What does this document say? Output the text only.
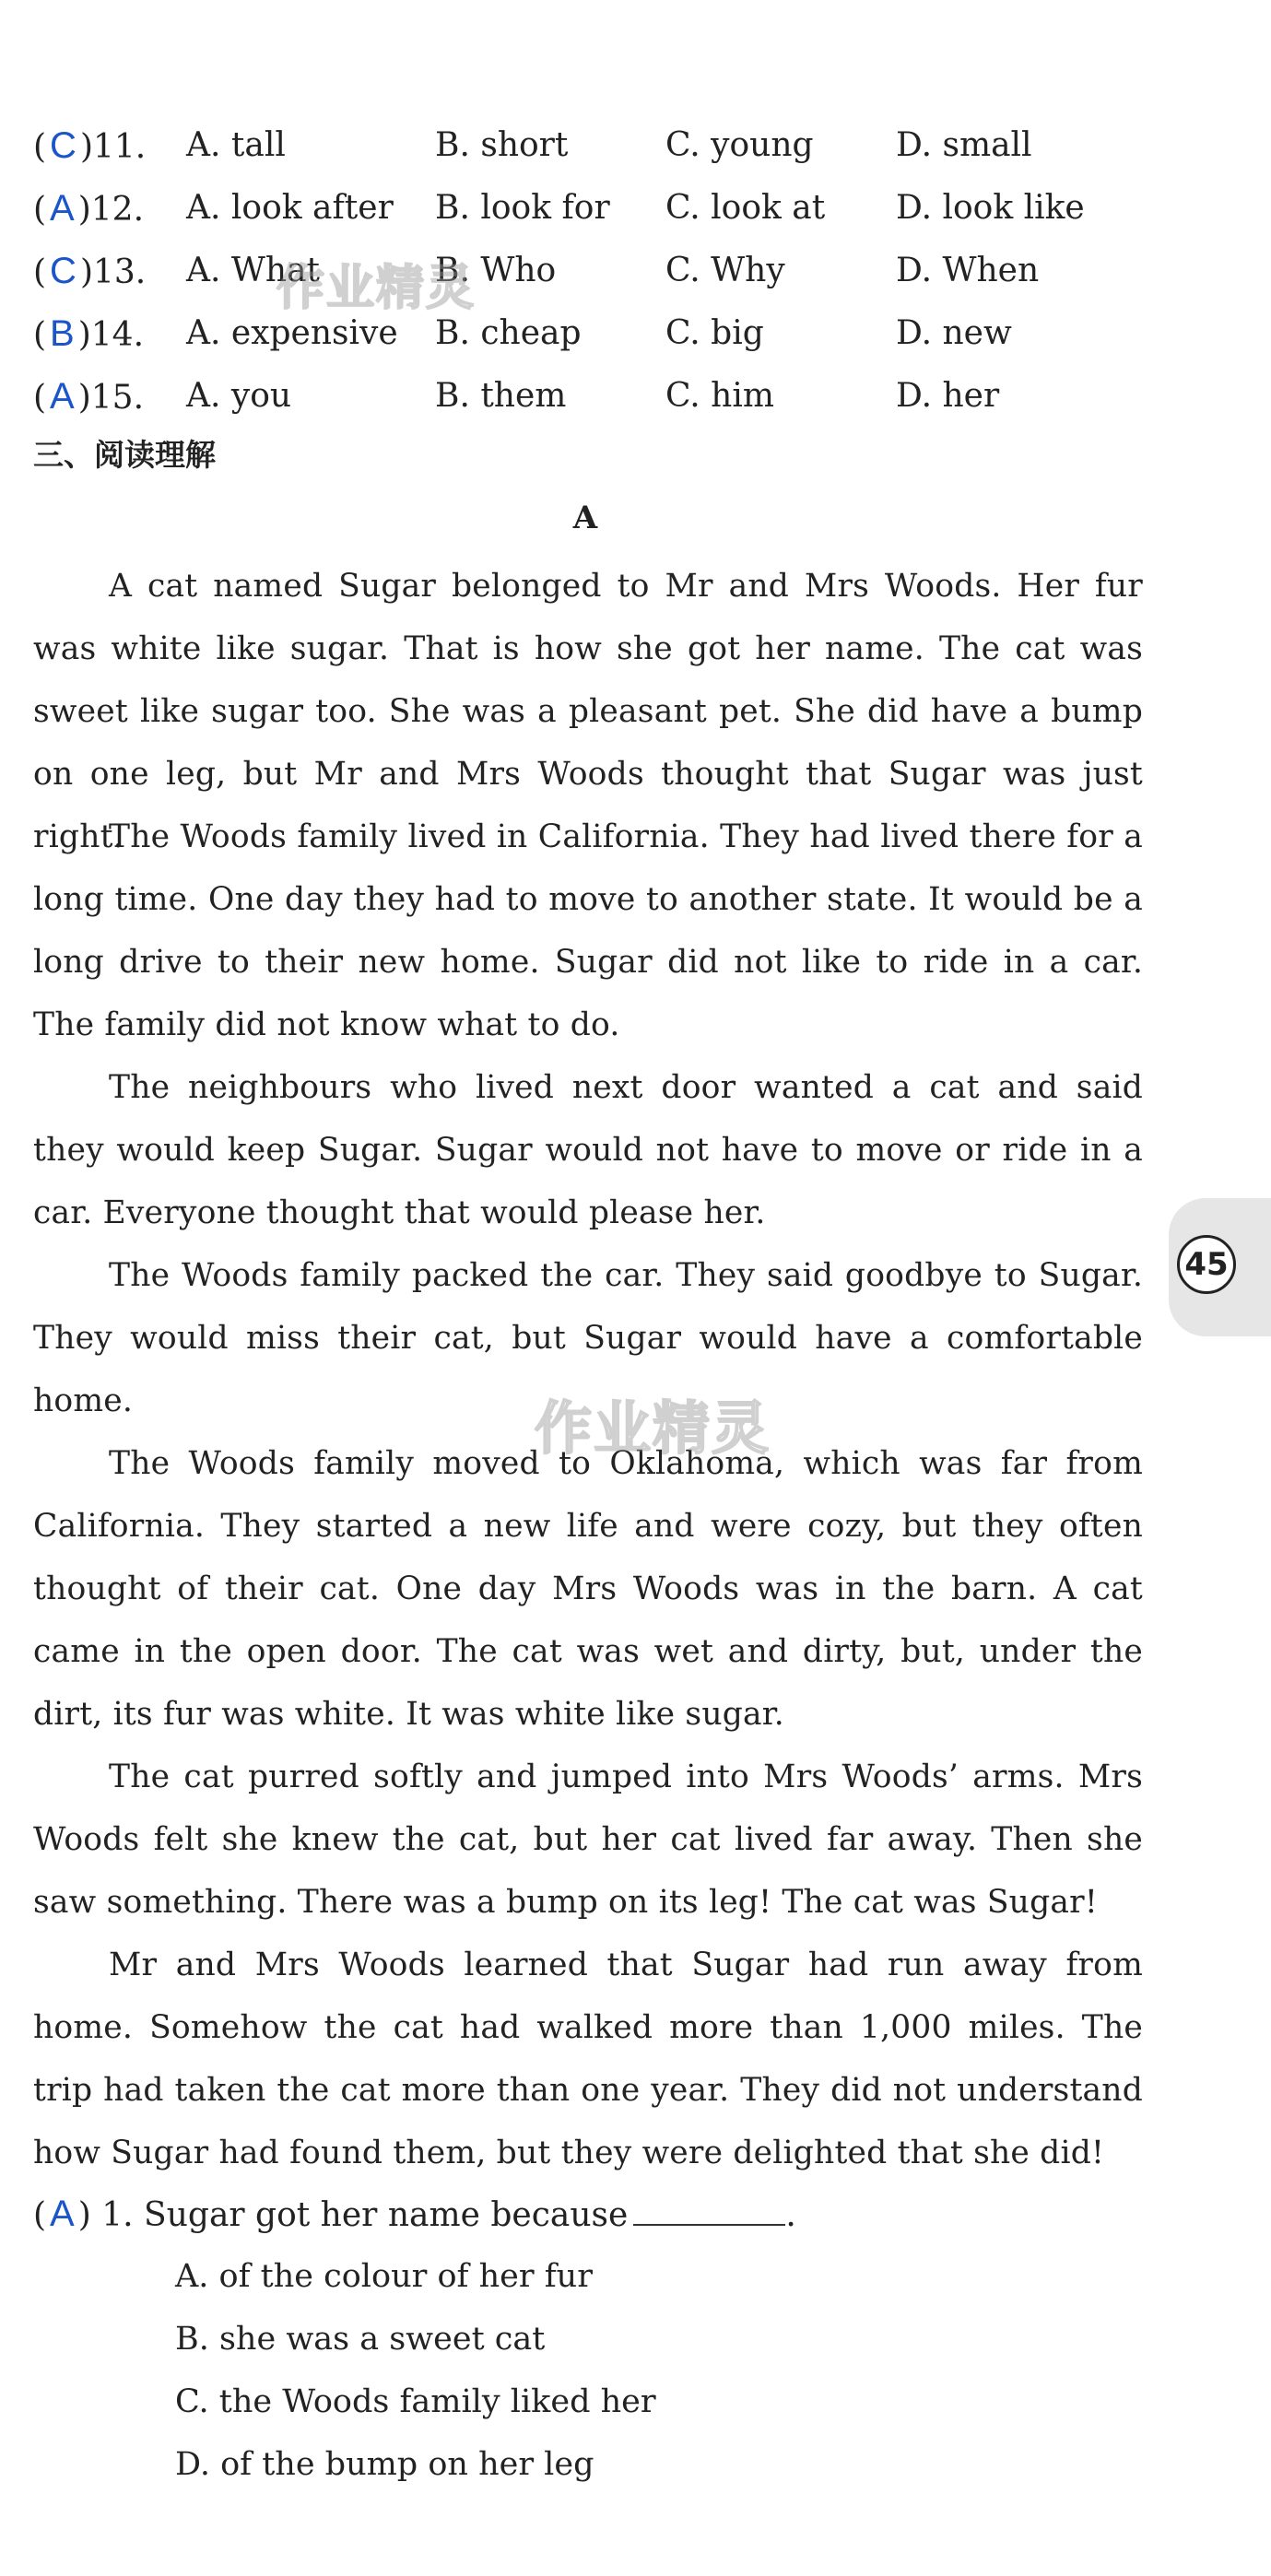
( C )11.	A. tall	B. short	C. young D. small
( A )12.	A. look after B. look for C. look at D. look like
( C )13.	A. What	B. Who	C. Why	D. When
( B )14.	A. expensive B. cheap	C. big	D. new
( A )15.	A. you	B. them	C. him	D. her
三、阅读理解
A

A cat named Sugar belonged to Mr and Mrs Woods. Her fur was white like sugar. That is how she got her name. The cat was sweet like sugar too. She was a pleasant pet. She did have a bump on one leg, but Mr and Mrs Woods thought that Sugar was just right.

The Woods family lived in California. They had lived there for a long time. One day they had to move to another state. It would be a long drive to their new home. Sugar did not like to ride in a car. The family did not know what to do.

The neighbours who lived next door wanted a cat and said they would keep Sugar. Sugar would not have to move or ride in a car. Everyone thought that would please her.

The Woods family packed the car. They said goodbye to Sugar. They would miss their cat, but Sugar would have a comfortable home.

The Woods family moved to Oklahoma, which was far from California. They started a new life and were cozy, but they often thought of their cat. One day Mrs Woods was in the barn. A cat came in the open door. The cat was wet and dirty, but, under the dirt, its fur was white. It was white like sugar.

The cat purred softly and jumped into Mrs Woods’ arms. Mrs Woods felt she knew the cat, but her cat lived far away. Then she saw something. There was a bump on its leg! The cat was Sugar!

Mr and Mrs Woods learned that Sugar had run away from home. Somehow the cat had walked more than 1,000 miles. The trip had taken the cat more than one year. They did not understand how Sugar had found them, but they were delighted that she did!

( A ) 1. Sugar got her name because	.
A. of the colour of her fur
B. she was a sweet cat
C. the Woods family liked her
D. of the bump on her leg
45
作业精灵
作业精灵
